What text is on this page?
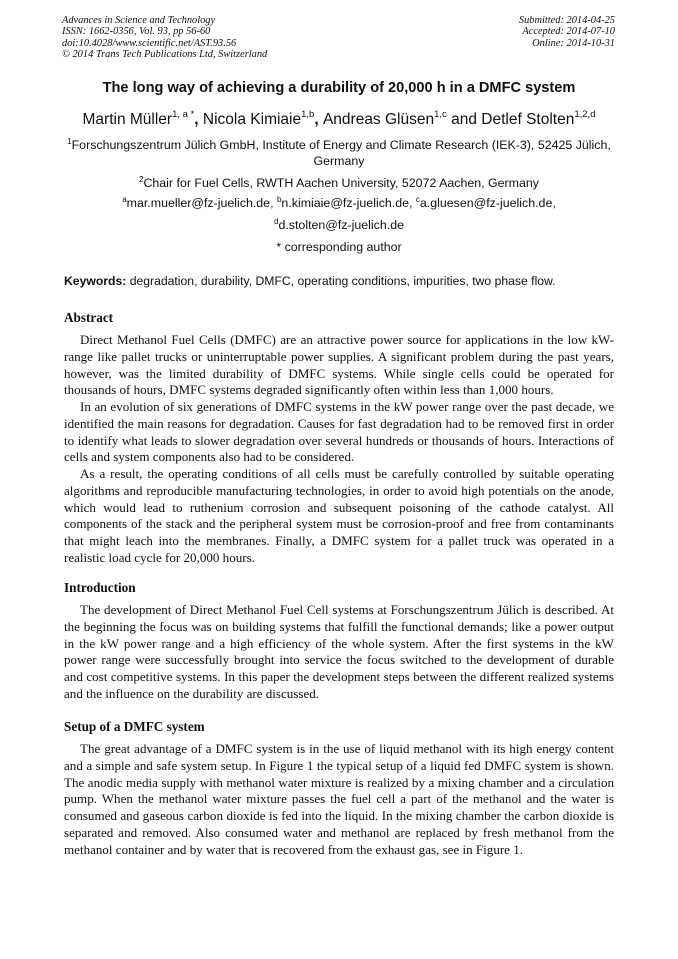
Advances in Science and Technology
ISSN: 1662-0356, Vol. 93, pp 56-60
doi:10.4028/www.scientific.net/AST.93.56
© 2014 Trans Tech Publications Ltd, Switzerland
Submitted: 2014-04-25
Accepted: 2014-07-10
Online: 2014-10-31
The long way of achieving a durability of 20,000 h in a DMFC system
Martin Müller$^{1, a *}$, Nicola Kimiaie$^{1,b}$, Andreas Glüsen$^{1,c}$ and Detlef Stolten$^{1,2,d}$
$^1$Forschungszentrum Jülich GmbH, Institute of Energy and Climate Research (IEK-3), 52425 Jülich, Germany
$^2$Chair for Fuel Cells, RWTH Aachen University, 52072 Aachen, Germany
$^a$mar.mueller@fz-juelich.de, $^b$n.kimiaie@fz-juelich.de, $^c$a.gluesen@fz-juelich.de,
$^d$d.stolten@fz-juelich.de
* corresponding author
Keywords: degradation, durability, DMFC, operating conditions, impurities, two phase flow.
Abstract

Direct Methanol Fuel Cells (DMFC) are an attractive power source for applications in the low kW-range like pallet trucks or uninterruptable power supplies. A significant problem during the past years, however, was the limited durability of DMFC systems. While single cells could be operated for thousands of hours, DMFC systems degraded significantly often within less than 1,000 hours.

In an evolution of six generations of DMFC systems in the kW power range over the past decade, we identified the main reasons for degradation. Causes for fast degradation had to be removed first in order to identify what leads to slower degradation over several hundreds or thousands of hours. Interactions of cells and system components also had to be considered.

As a result, the operating conditions of all cells must be carefully controlled by suitable operating algorithms and reproducible manufacturing technologies, in order to avoid high potentials on the anode, which would lead to ruthenium corrosion and subsequent poisoning of the cathode catalyst. All components of the stack and the peripheral system must be corrosion-proof and free from contaminants that might leach into the membranes. Finally, a DMFC system for a pallet truck was operated in a realistic load cycle for 20,000 hours.

Introduction

The development of Direct Methanol Fuel Cell systems at Forschungszentrum Jülich is described. At the beginning the focus was on building systems that fulfill the functional demands; like a power output in the kW power range and a high efficiency of the whole system. After the first systems in the kW power range were successfully brought into service the focus switched to the development of durable and cost competitive systems. In this paper the development steps between the different realized systems and the influence on the durability are discussed.

Setup of a DMFC system

The great advantage of a DMFC system is in the use of liquid methanol with its high energy content and a simple and safe system setup. In Figure 1 the typical setup of a liquid fed DMFC system is shown. The anodic media supply with methanol water mixture is realized by a mixing chamber and a circulation pump. When the methanol water mixture passes the fuel cell a part of the methanol and the water is consumed and gaseous carbon dioxide is fed into the liquid. In the mixing chamber the carbon dioxide is separated and removed. Also consumed water and methanol are replaced by fresh methanol from the methanol container and by water that is recovered from the exhaust gas, see in Figure 1.
